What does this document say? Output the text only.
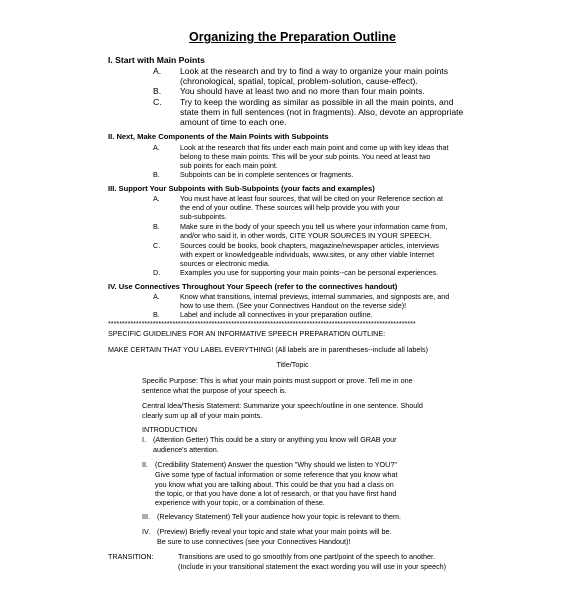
Organizing the Preparation Outline
I. Start with Main Points
A. Look at the research and try to find a way to organize your main points
(chronological, spatial, topical, problem-solution, cause-effect).
B. You should have at least two and no more than four main points.
C. Try to keep the wording as similar as possible in all the main points, and
state them in full sentences (not in fragments). Also, devote an appropriate
amount of time to each one.
II. Next, Make Components of the Main Points with Subpoints
A.	Look at the research that fits under each main point and come up with key ideas that
belong to these main points. This will be your sub points. You need at least two
sub points for each main point.
B.	Subpoints can be in complete sentences or fragments.
III. Support Your Subpoints with Sub-Subpoints (your facts and examples)
A.	You must have at least four sources, that will be cited on your Reference section at
the end of your outline. These sources will help provide you with your
sub-subpoints.
B.	Make sure in the body of your speech you tell us where your information came from,
and/or who said it, in other words, CITE YOUR SOURCES IN YOUR SPEECH.
C.	Sources could be books, book chapters, magazine/newspaper articles, interviews
with expert or knowledgeable individuals, www.sites, or any other viable Internet
sources or electronic media.
D.	Examples you use for supporting your main points--can be personal experiences.
IV. Use Connectives Throughout Your Speech (refer to the connectives handout)
A.	Know what transitions, internal previews, internal summaries, and signposts are, and
how to use them. (See your Connectives Handout on the reverse side)!
B.	Label and include all connectives in your preparation outline.
**************************************************************************************************************
SPECIFIC GUIDELINES FOR AN INFORMATIVE SPEECH PREPARATION OUTLINE:
MAKE CERTAIN THAT YOU LABEL EVERYTHING! (All labels are in parentheses--include all labels)
Title/Topic
Specific Purpose: This is what your main points must support or prove. Tell me in one
sentence what the purpose of your speech is.
Central Idea/Thesis Statement: Summarize your speech/outline in one sentence. Should
clearly sum up all of your main points.
INTRODUCTION
I. (Attention Getter) This could be a story or anything you know will GRAB your
audience's attention.
II. (Credibility Statement) Answer the question "Why should we listen to YOU?"
Give some type of factual information or some reference that you know what
you know what you are talking about. This could be that you had a class on
the topic, or that you have done a lot of research, or that you have first hand
experience with your topic, or a combination of these.
III. (Relevancy Statement) Tell your audience how your topic is relevant to them.
IV. (Preview) Briefly reveal your topic and state what your main points will be.
Be sure to use connectives (see your Connectives Handout)!
TRANSITION:	Transitions are used to go smoothly from one part/point of the speech to another.
(Include in your transitional statement the exact wording you will use in your speech)
